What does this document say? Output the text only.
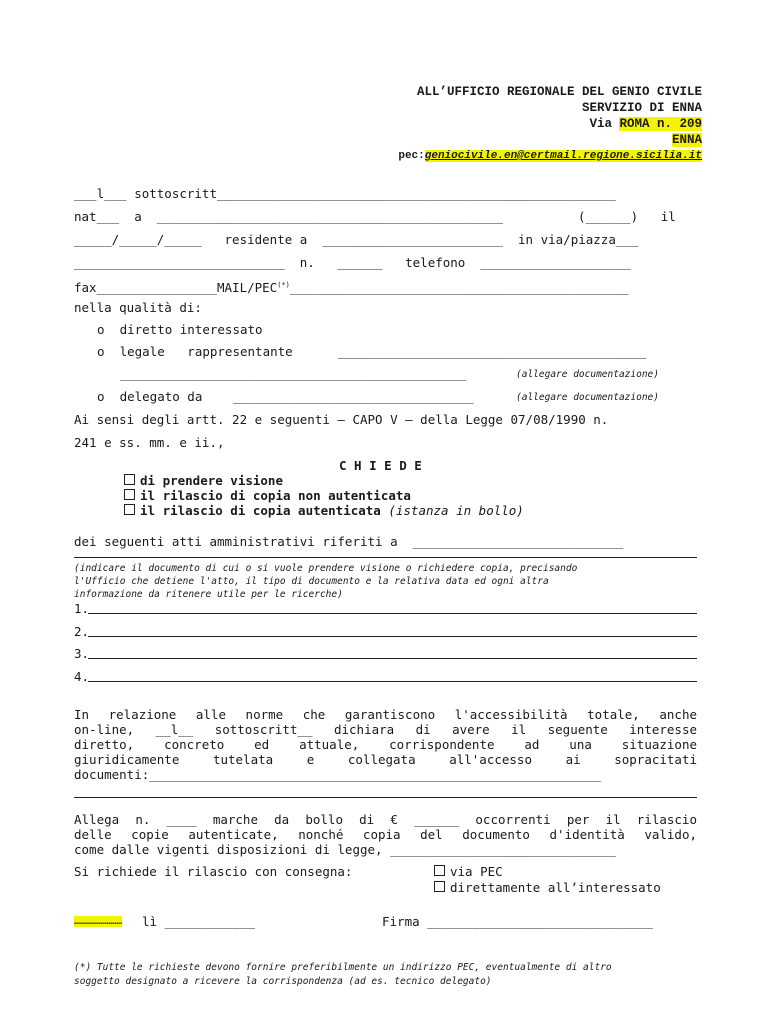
ALL’UFFICIO REGIONALE DEL GENIO CIVILE
SERVIZIO DI ENNA
Via ROMA n. 209
ENNA
pec:geniocivile.en@certmail.regione.sicilia.it
___l___ sottoscritt_____________________________________________________
nat___  a  ______________________________________________	(______)   il
_____/_____/_____   residente a  ________________________  in via/piazza___
____________________________  n.   ______   telefono  ____________________
fax________________MAIL/PEC(*)_____________________________________________
nella qualità di:
o  diretto interessato
o  legale   rappresentante	_________________________________________
______________________________________________	(allegare documentazione)
o  delegato da ________________________________	(allegare documentazione)
Ai sensi degli artt. 22 e seguenti – CAPO V – della Legge 07/08/1990 n.
241 e ss. mm. e ii.,
C H I E D E
di prendere visione
il rilascio di copia non autenticata
il rilascio di copia autenticata (istanza in bollo)
dei seguenti atti amministrativi riferiti a  ____________________________
(indicare il documento di cui o si vuole prendere visione o richiedere copia, precisando
l'Ufficio che detiene l'atto, il tipo di documento e la relativa data ed ogni altra
informazione da ritenere utile per le ricerche)
1.
2.
3.
4.
In relazione alle norme che garantiscono l'accessibilità totale, anche
on-line, __l__ sottoscritt__ dichiara di avere il seguente interesse
diretto, concreto ed attuale, corrispondente ad una situazione
giuridicamente tutelata e collegata all'accesso ai sopracitati
documenti:____________________________________________________________
Allega n. ____ marche da bollo di € ______ occorrenti per il rilascio
delle copie autenticate, nonché copia del documento d'identità valido,
come dalle vigenti disposizioni di legge, ______________________________
Si richiede il rilascio con consegna:	via PEC
direttamente all’interessato
…………………… lì ____________	Firma ______________________________
(*) Tutte le richieste devono fornire preferibilmente un indirizzo PEC, eventualmente di altro
soggetto designato a ricevere la corrispondenza (ad es. tecnico delegato)
